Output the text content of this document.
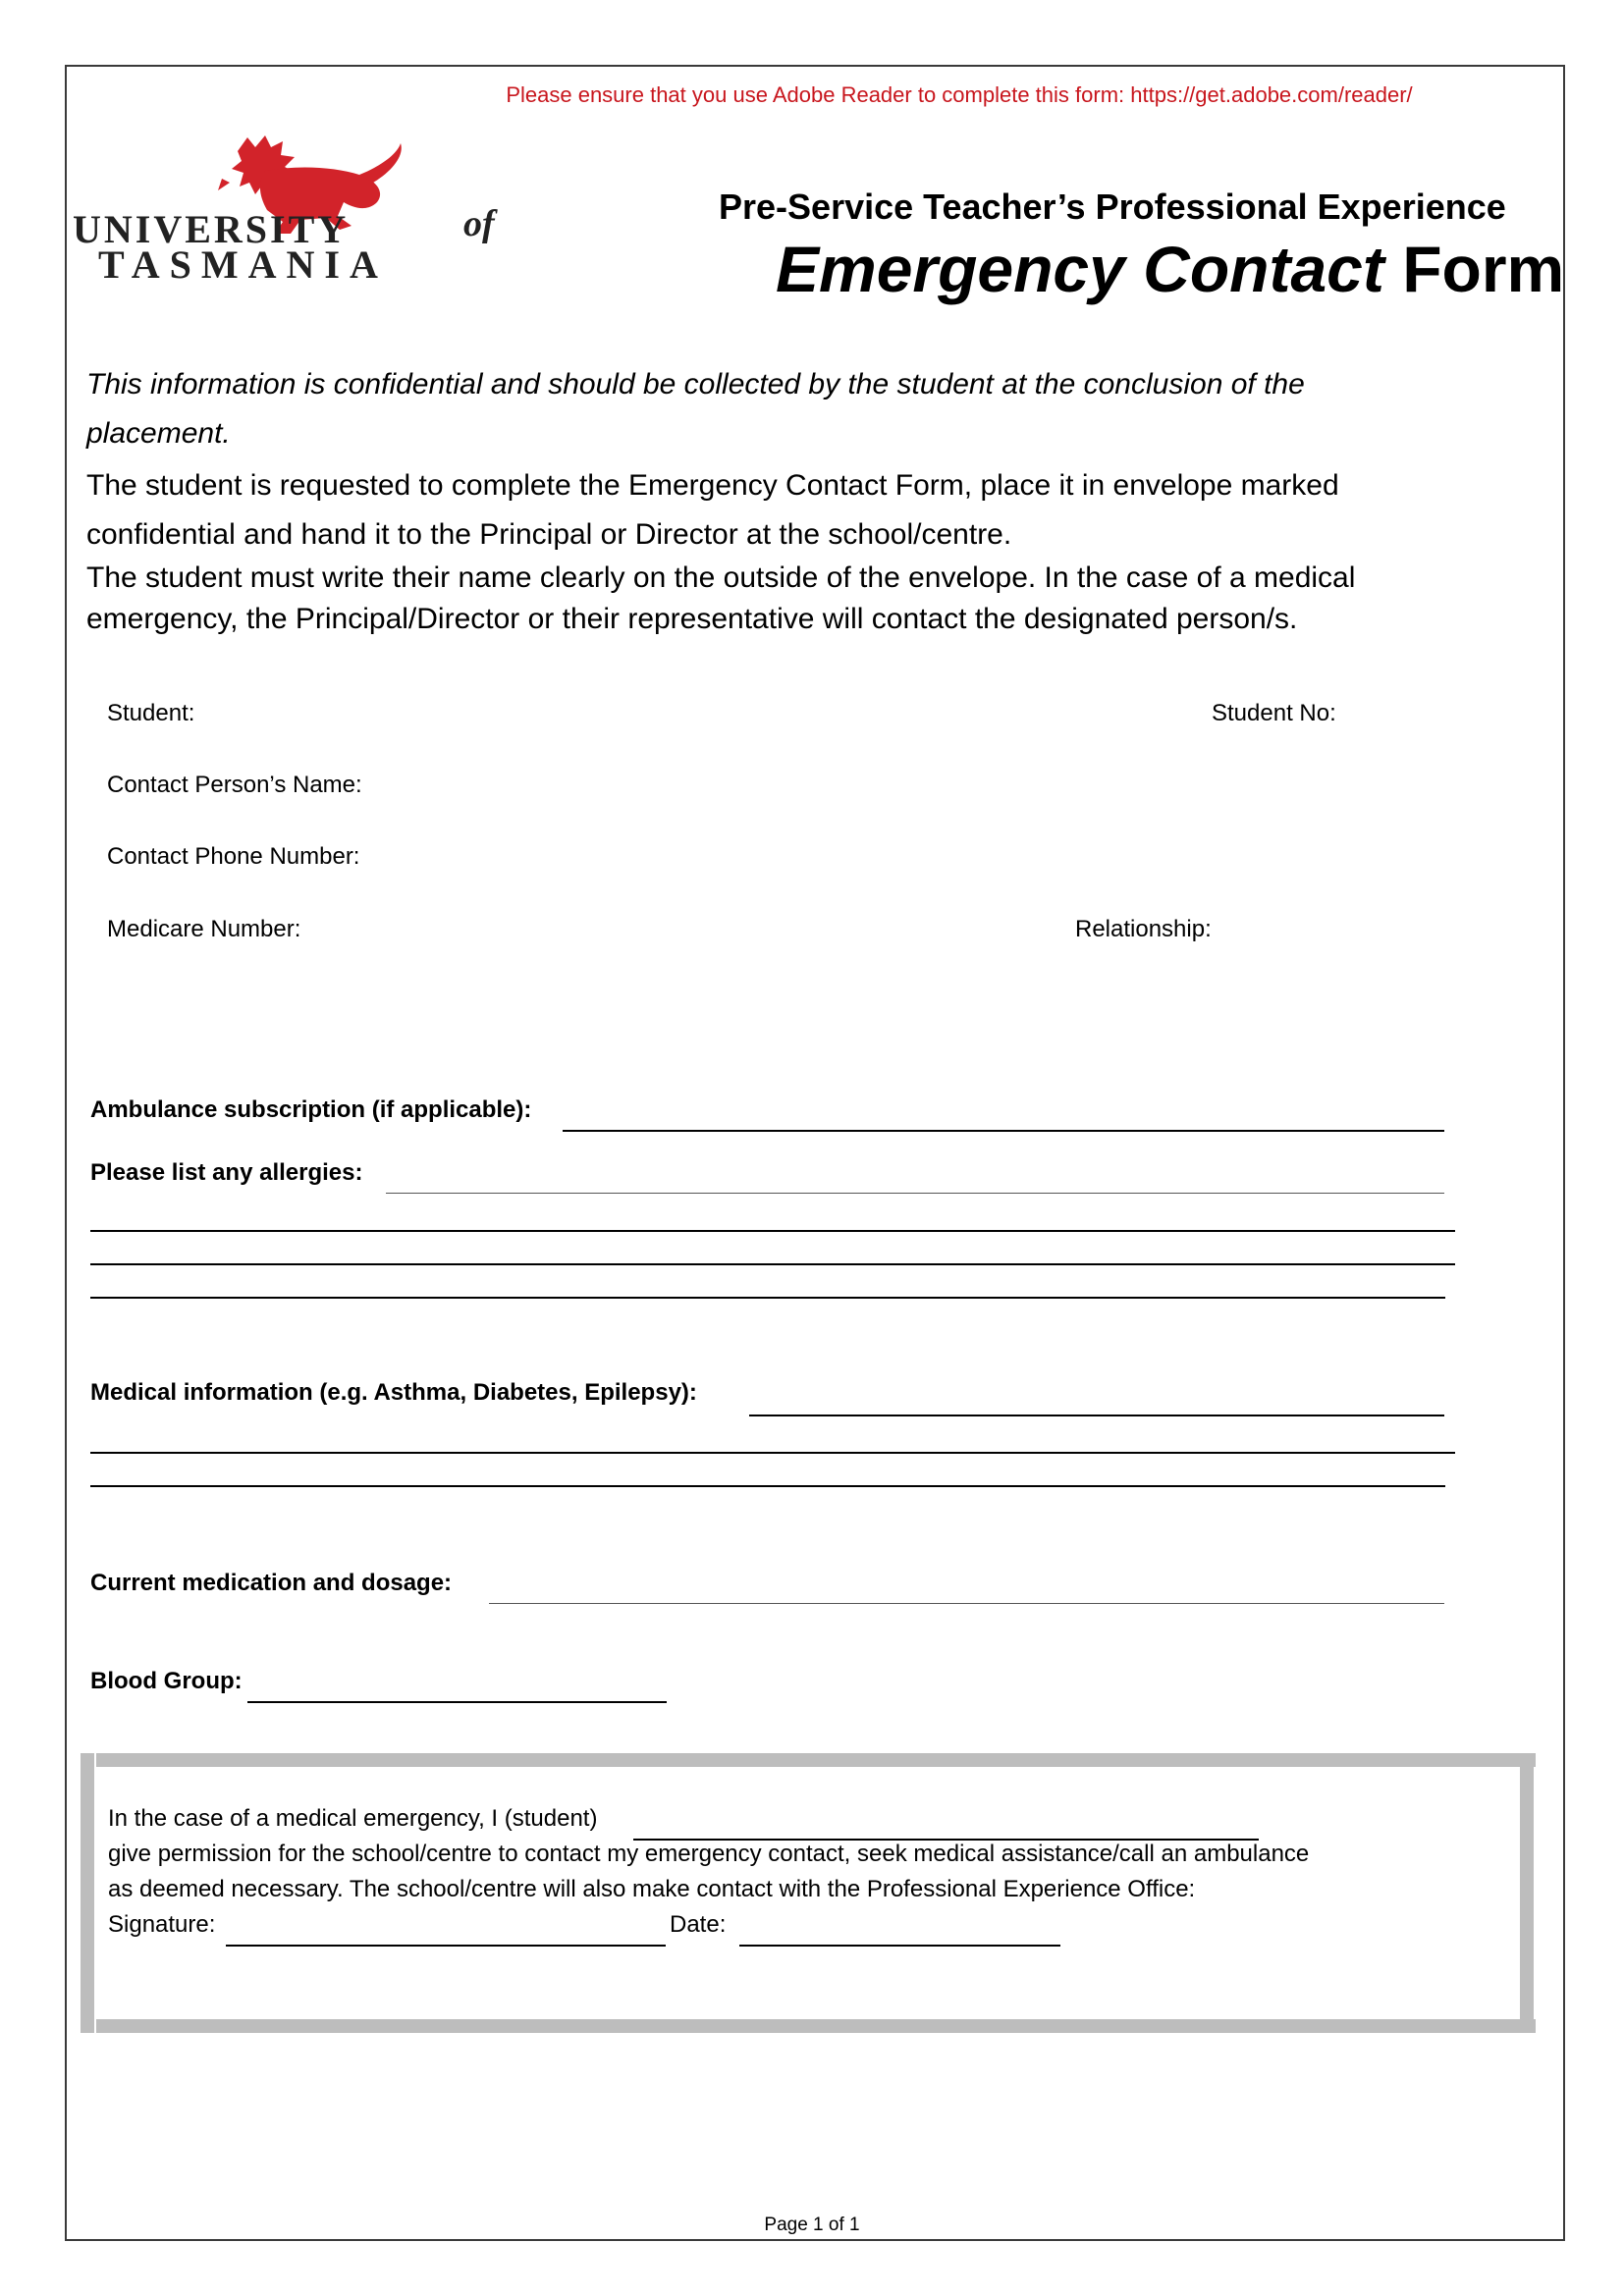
Please ensure that you use Adobe Reader to complete this form: https://get.adobe.com/reader/
UNIVERSITY	of
TASMANIA
Pre-Service Teacher’s Professional Experience
Emergency Contact Form
This information is confidential and should be collected by the student at the conclusion of the placement.
The student is requested to complete the Emergency Contact Form, place it in envelope marked confidential and hand it to the Principal or Director at the school/centre.
The student must write their name clearly on the outside of the envelope. In the case of a medical emergency, the Principal/Director or their representative will contact the designated person/s.
Student:	Student No:
Contact Person’s Name:
Contact Phone Number:
Medicare Number:	Relationship:
Ambulance subscription (if applicable):
Please list any allergies:
Medical information (e.g. Asthma, Diabetes, Epilepsy):
Current medication and dosage:
Blood Group:
In the case of a medical emergency, I (student)
give permission for the school/centre to contact my emergency contact, seek medical assistance/call an ambulance
as deemed necessary. The school/centre will also make contact with the Professional Experience Office:
Signature:	Date:
Page 1 of 1
